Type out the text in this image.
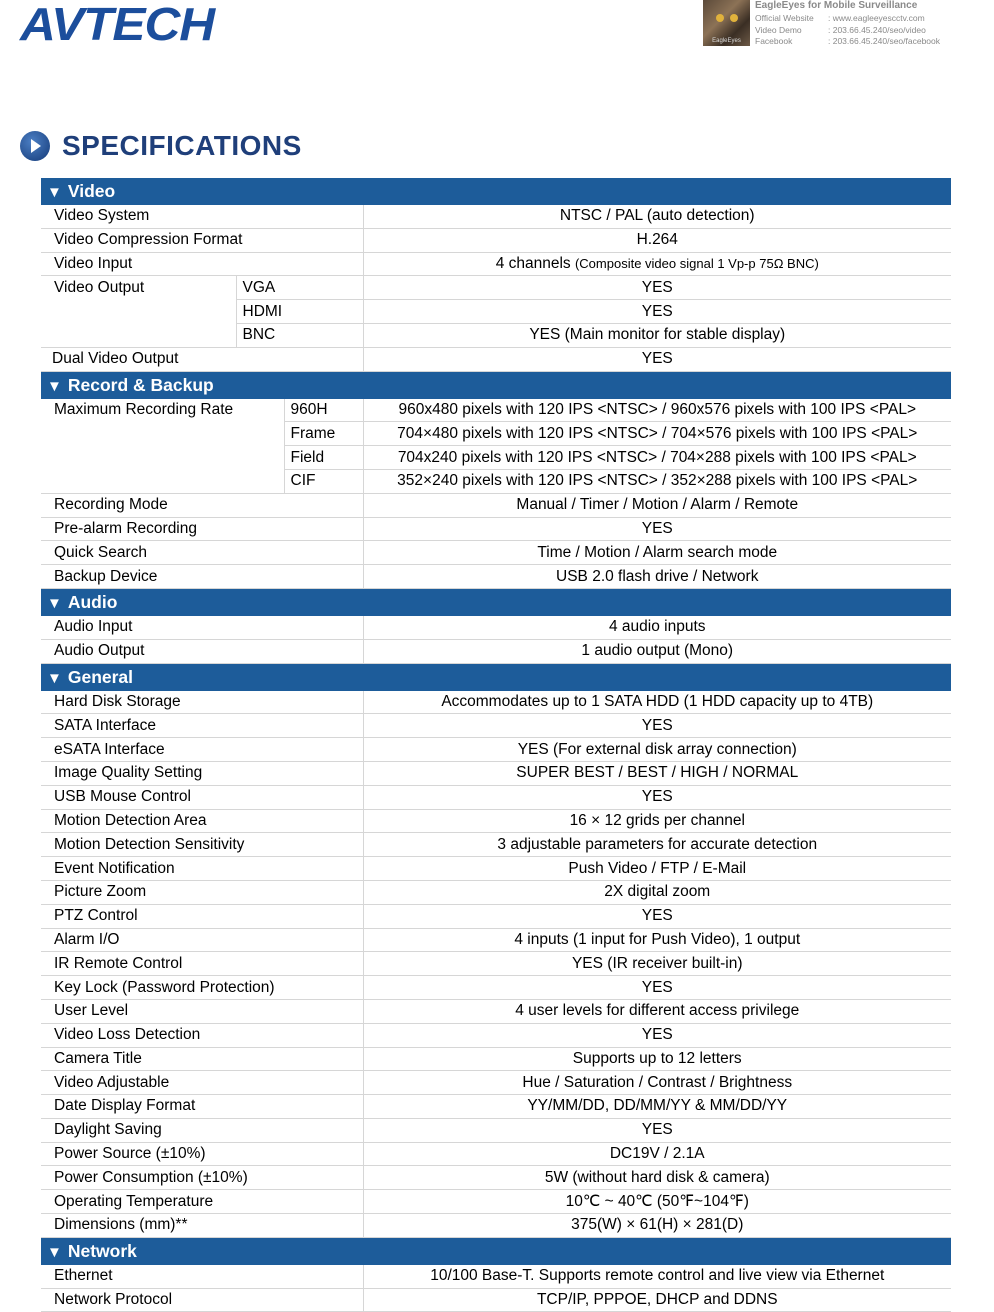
AVTECH	EagleEyes
EagleEyes for Mobile Surveillance
Official Website	: www.eagleeyescctv.com
Video Demo	: 203.66.45.240/seo/video
Facebook	: 203.66.45.240/seo/facebook
SPECIFICATIONS
▼ Video			
Video System			NTSC / PAL (auto detection)
Video Compression Format			H.264
Video Input			4 channels (Composite video signal 1 Vp-p 75Ω BNC)
Video Output	VGA		YES
	HDMI		YES
	BNC		YES (Main monitor for stable display)
Dual Video Output			YES
▼ Record & Backup			
Maximum Recording Rate		960H	960x480 pixels with 120 IPS <NTSC> / 960x576 pixels with 100 IPS <PAL>
		Frame	704×480 pixels with 120 IPS <NTSC> / 704×576 pixels with 100 IPS <PAL>
		Field	704x240 pixels with 120 IPS <NTSC> / 704×288 pixels with 100 IPS <PAL>
		CIF	352×240 pixels with 120 IPS <NTSC> / 352×288 pixels with 100 IPS <PAL>
Recording Mode			Manual / Timer / Motion / Alarm / Remote
Pre-alarm Recording			YES
Quick Search			Time / Motion / Alarm search mode
Backup Device			USB 2.0 flash drive / Network
▼ Audio			
Audio Input			4 audio inputs
Audio Output			1 audio output (Mono)
▼ General			
Hard Disk Storage			Accommodates up to 1 SATA HDD (1 HDD capacity up to 4TB)
SATA Interface			YES
eSATA Interface			YES (For external disk array connection)
Image Quality Setting			SUPER BEST / BEST / HIGH / NORMAL
USB Mouse Control			YES
Motion Detection Area			16 × 12 grids per channel
Motion Detection Sensitivity			3 adjustable parameters for accurate detection
Event Notification			Push Video / FTP / E-Mail
Picture Zoom			2X digital zoom
PTZ Control			YES
Alarm I/O			4 inputs (1 input for Push Video), 1 output
IR Remote Control			YES (IR receiver built-in)
Key Lock (Password Protection)			YES
User Level			4 user levels for different access privilege
Video Loss Detection			YES
Camera Title			Supports up to 12 letters
Video Adjustable			Hue / Saturation / Contrast / Brightness
Date Display Format			YY/MM/DD, DD/MM/YY & MM/DD/YY
Daylight Saving			YES
Power Source (±10%)			DC19V / 2.1A
Power Consumption (±10%)			5W (without hard disk & camera)
Operating Temperature			10℃ ~ 40℃ (50℉~104℉)
Dimensions (mm)**			375(W) × 61(H) × 281(D)
▼ Network			
Ethernet			10/100 Base-T. Supports remote control and live view via Ethernet
Network Protocol			TCP/IP, PPPOE, DHCP and DDNS
